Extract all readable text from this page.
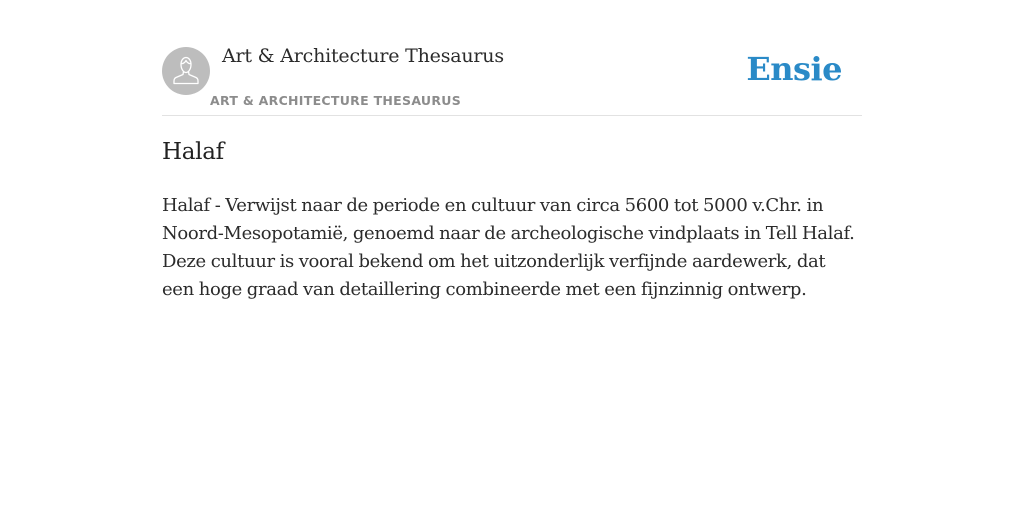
Art & Architecture Thesaurus
ART & ARCHITECTURE THESAURUS
Ensie
Halaf

Halaf - Verwijst naar de periode en cultuur van circa 5600 tot 5000 v.Chr. in Noord-Mesopotamië, genoemd naar de archeologische vindplaats in Tell Halaf. Deze cultuur is vooral bekend om het uitzonderlijk verfijnde aardewerk, dat een hoge graad van detaillering combineerde met een fijnzinnig ontwerp.
